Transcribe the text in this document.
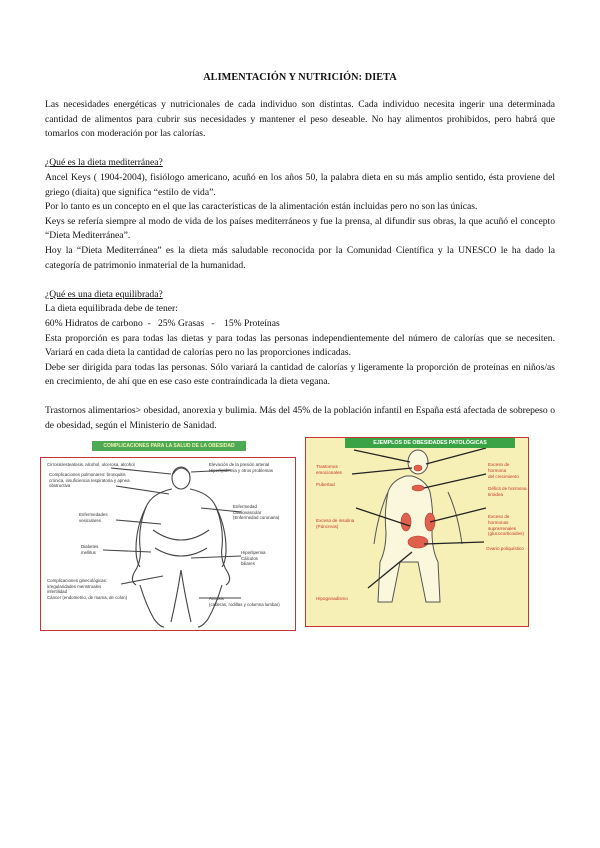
ALIMENTACIÓN Y NUTRICIÓN: DIETA

Las necesidades energéticas y nutricionales de cada individuo son distintas. Cada individuo necesita ingerir una determinada cantidad de alimentos para cubrir sus necesidades y mantener el peso deseable. No hay alimentos prohibidos, pero habrá que tomarlos con moderación por las calorías.

¿Qué es la dieta mediterránea?

Ancel Keys ( 1904-2004), fisiólogo americano, acuñó en los años 50, la palabra dieta en su más amplio sentido, ésta proviene del griego (diaita) que significa “estilo de vida”.

Por lo tanto es un concepto en el que las características de la alimentación están incluidas pero no son las únicas.

Keys se refería siempre al modo de vida de los países mediterráneos y fue la prensa, al difundir sus obras, la que acuñó el concepto “Dieta Mediterránea”.

Hoy la “Dieta Mediterránea” es la dieta más saludable reconocida por la Comunidad Científica y la UNESCO le ha dado la categoría de patrimonio inmaterial de la humanidad.

¿Qué es una dieta equilibrada?

La dieta equilibrada debe de tener:

60% Hidratos de carbono  -   25% Grasas   -    15% Proteínas

Esta proporción es para todas las dietas y para todas las personas independientemente del número de calorías que se necesiten. Variará en cada dieta la cantidad de calorías pero no las proporciones indicadas.

Debe ser dirigida para todas las personas. Sólo variará la cantidad de calorías y ligeramente la proporción de proteínas en niños/as en crecimiento, de ahí que en ese caso este contraindicada la dieta vegana.

Trastornos alimentarios> obesidad, anorexia y bulimia. Más del 45% de la población infantil en España está afectada de sobrepeso o de obesidad, según el Ministerio de Sanidad.

COMPLICACIONES PARA LA SALUD DE LA OBESIDAD
Cirrosis/esteatosis, alcohol, ulcerosa, alcohol
Complicaciones pulmonares: bronquitis
crónica, insuficiencia respiratoria y apnea
obstructiva
Enfermedades
vesiculares
Diabetes
mellitus
Complicaciones ginecológicas:
irregularidades menstruales
infertilidad
Cáncer (endometrio, de mama, de colon)
Elevación de la presión arterial
Hiperlipidemia y otros problemas
Enfermedad
cardiovascular
(Enfermedad coronaria)
Hiperlipemia
Cálculos
biliares
Artrosis
(caderas, rodillas y columna lumbar)
Trastornos
emocionales
Pubertad
Exceso de insulina
(Páncreas)
Hipogonadismo
Exceso de hormona
del crecimiento
Déficit de hormona
tiroidea
Exceso de hormonas
suprarrenales
(glucocorticoides)
Ovario poliquístico
EJEMPLOS DE OBESIDADES PATOLÓGICAS
